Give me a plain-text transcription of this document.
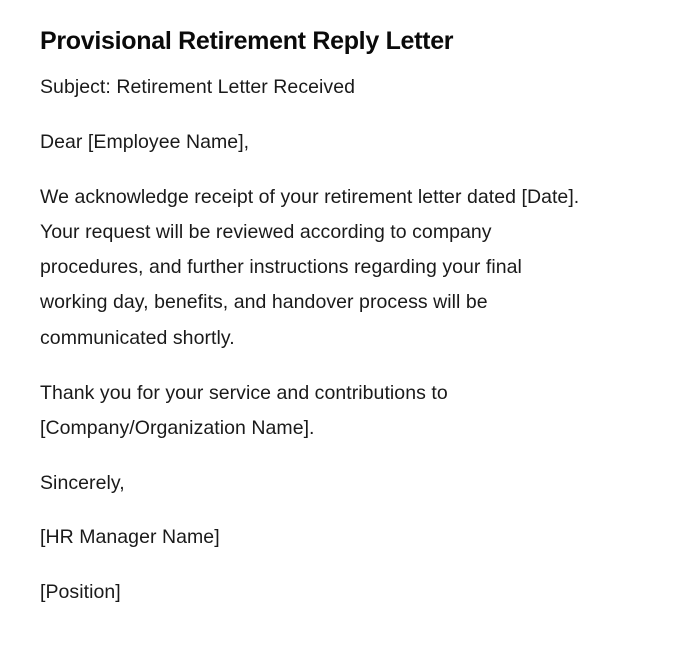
Provisional Retirement Reply Letter

Subject: Retirement Letter Received

Dear [Employee Name],

We acknowledge receipt of your retirement letter dated [Date].
Your request will be reviewed according to company
procedures, and further instructions regarding your final
working day, benefits, and handover process will be
communicated shortly.
Thank you for your service and contributions to
[Company/Organization Name].

Sincerely,

[HR Manager Name]

[Position]
